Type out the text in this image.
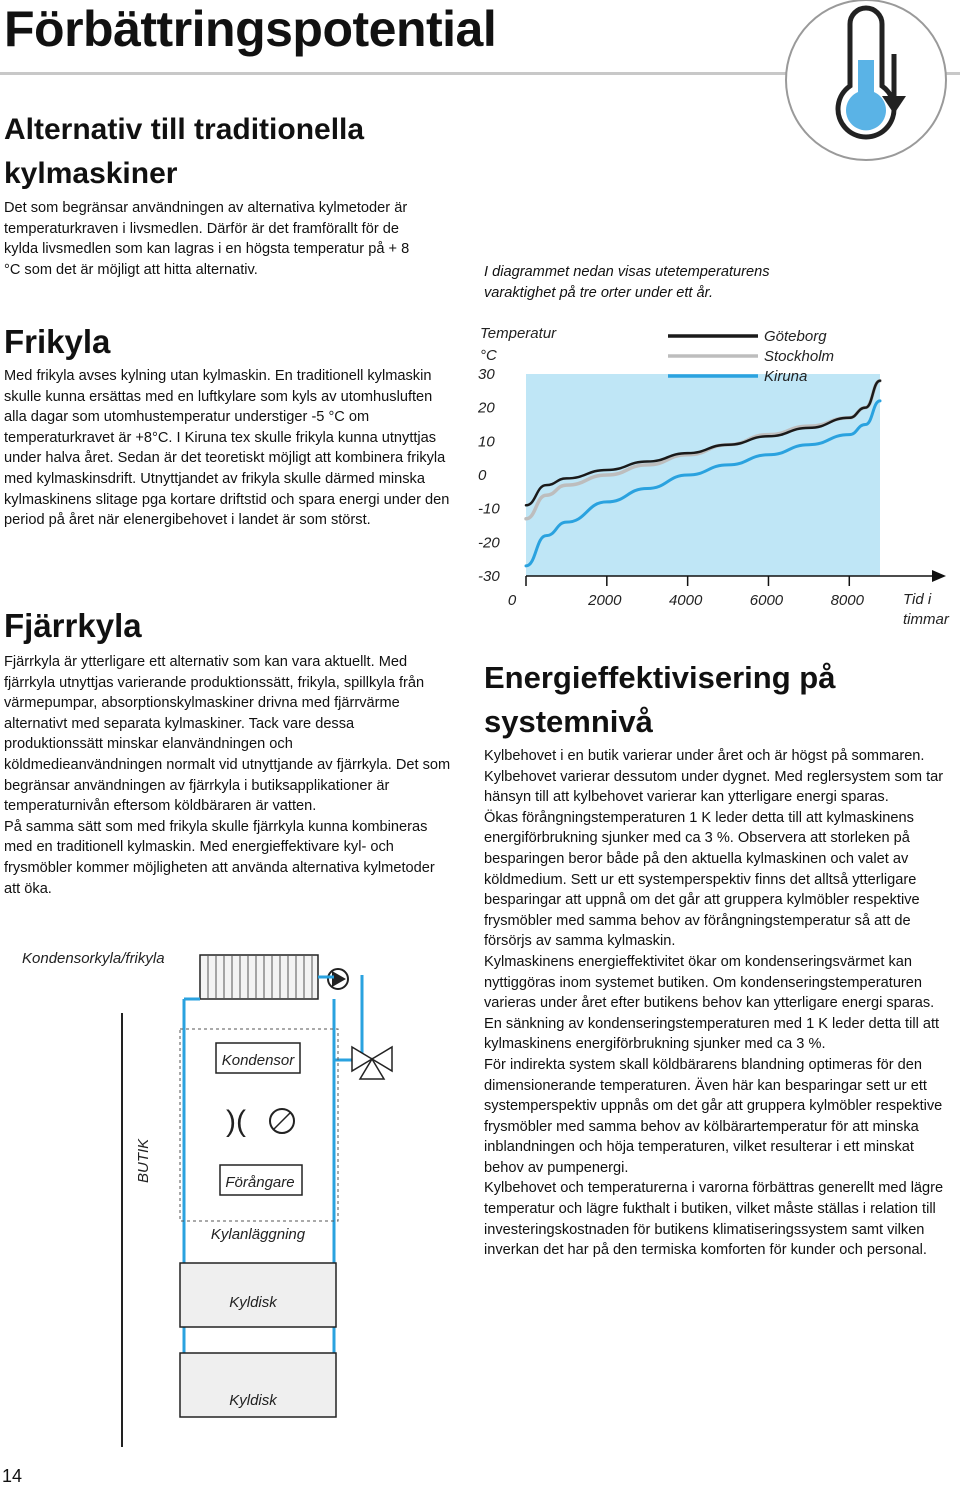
Förbättringspotential
Alternativ till traditionella kylmaskiner
Det som begränsar användningen av alternativa kylmetoder är temperaturkraven i livsmedlen. Därför är det framförallt för de kylda livsmedlen som kan lagras i en högsta temperatur på + 8 °C som det är möjligt att hitta alternativ.
Frikyla
Med frikyla avses kylning utan kylmaskin. En traditionell kylmaskin skulle kunna ersättas med en luftkylare som kyls av utomhusluften alla dagar som utomhustemperatur understiger -5 °C om temperaturkravet är +8°C. I Kiruna tex skulle frikyla kunna utnyttjas under halva året. Sedan är det teoretiskt möjligt att kombinera frikyla med kylmaskinsdrift. Utnyttjandet av frikyla skulle därmed minska kylmaskinens slitage pga kortare driftstid och spara energi under den period på året när elenergibehovet i landet är som störst.
Fjärrkyla

Fjärrkyla är ytterligare ett alternativ som kan vara aktuellt. Med fjärrkyla utnyttjas varierande produktionssätt, frikyla, spillkyla från värmepumpar, absorptionskylmaskiner drivna med fjärrvärme alternativt med separata kylmaskiner. Tack vare dessa produktionssätt minskar elanvändningen och köldmedieanvändningen normalt vid utnyttjande av fjärrkyla. Det som begränsar användningen av fjärrkyla i butiksapplikationer är temperaturnivån eftersom köldbäraren är vatten.

På samma sätt som med frikyla skulle fjärrkyla kunna kombineras med en traditionell kylmaskin. Med energieffektivare kyl- och frysmöbler kommer möjligheten att använda alternativa kylmetoder att öka.

Kondensorkyla/frikyla
BUTIK
Kondensor
)(
Förångare
Kylanläggning
Kyldisk
Kyldisk
I diagrammet nedan visas utetemperaturens varaktighet på tre orter under ett år.
Temperatur
°C
Tid i
timmar
30
20
10
0
-10
-20
-30
0	2000	4000	6000	8000
Göteborg
Stockholm
Kiruna
Energieffektivisering på systemnivå

Kylbehovet i en butik varierar under året och är högst på sommaren. Kylbehovet varierar dessutom under dygnet. Med reglersystem som tar hänsyn till att kylbehovet varierar kan ytterligare energi sparas.

Ökas förångningstemperaturen 1 K leder detta till att kylmaskinens energiförbrukning sjunker med ca 3 %. Observera att storleken på besparingen beror både på den aktuella kylmaskinen och valet av köldmedium. Sett ur ett systemperspektiv finns det alltså ytterligare besparingar att uppnå om det går att gruppera kylmöbler respektive frysmöbler med samma behov av förångningstemperatur så att de försörjs av samma kylmaskin.

Kylmaskinens energieffektivitet ökar om kondenseringsvärmet kan nyttiggöras inom systemet butiken. Om kondenseringstemperaturen varieras under året efter butikens behov kan ytterligare energi sparas. En sänkning av kondenseringstemperaturen med 1 K leder detta till att kylmaskinens energiförbrukning sjunker med ca 3 %.

För indirekta system skall köldbärarens blandning optimeras för den dimensionerande temperaturen. Även här kan besparingar sett ur ett systemperspektiv uppnås om det går att gruppera kylmöbler respektive frysmöbler med samma behov av kölbärartemperatur för att minska inblandningen och höja temperaturen, vilket resulterar i ett minskat behov av pumpenergi.

Kylbehovet och temperaturerna i varorna förbättras generellt med lägre temperatur och lägre fukthalt i butiken, vilket måste ställas i relation till investeringskostnaden för butikens klimatiseringssystem samt vilken inverkan det har på den termiska komforten för kunder och personal.

14
